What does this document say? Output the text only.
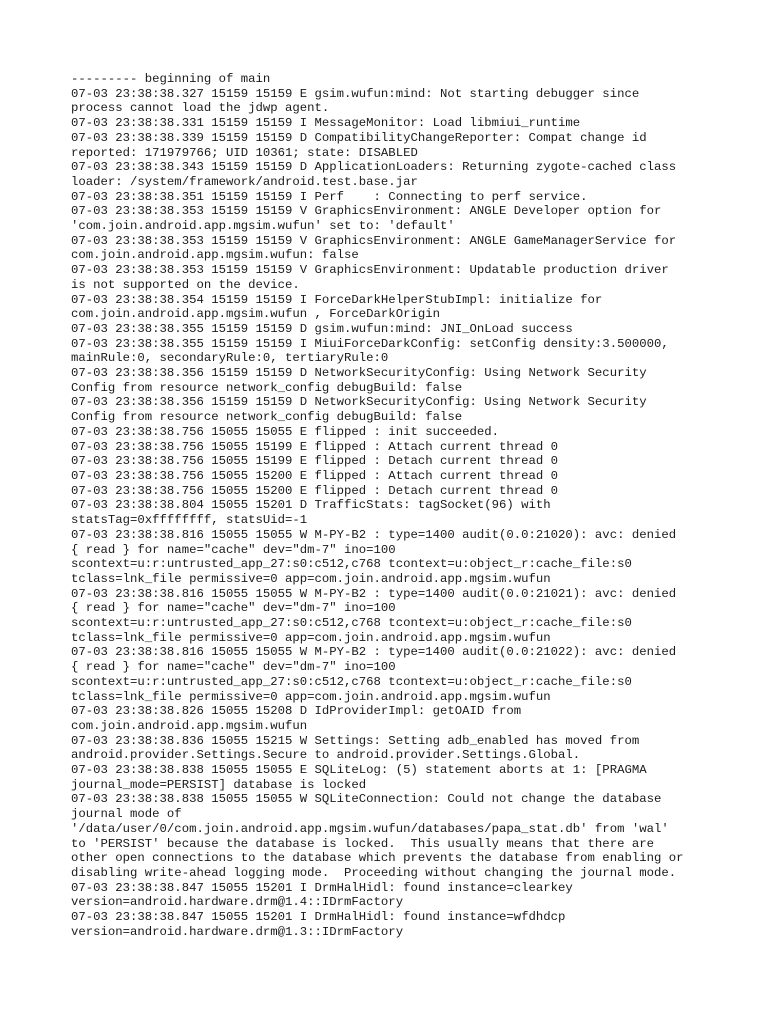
--------- beginning of main
07-03 23:38:38.327 15159 15159 E gsim.wufun:mind: Not starting debugger since
process cannot load the jdwp agent.
07-03 23:38:38.331 15159 15159 I MessageMonitor: Load libmiui_runtime
07-03 23:38:38.339 15159 15159 D CompatibilityChangeReporter: Compat change id
reported: 171979766; UID 10361; state: DISABLED
07-03 23:38:38.343 15159 15159 D ApplicationLoaders: Returning zygote-cached class
loader: /system/framework/android.test.base.jar
07-03 23:38:38.351 15159 15159 I Perf    : Connecting to perf service.
07-03 23:38:38.353 15159 15159 V GraphicsEnvironment: ANGLE Developer option for
'com.join.android.app.mgsim.wufun' set to: 'default'
07-03 23:38:38.353 15159 15159 V GraphicsEnvironment: ANGLE GameManagerService for
com.join.android.app.mgsim.wufun: false
07-03 23:38:38.353 15159 15159 V GraphicsEnvironment: Updatable production driver
is not supported on the device.
07-03 23:38:38.354 15159 15159 I ForceDarkHelperStubImpl: initialize for
com.join.android.app.mgsim.wufun , ForceDarkOrigin
07-03 23:38:38.355 15159 15159 D gsim.wufun:mind: JNI_OnLoad success
07-03 23:38:38.355 15159 15159 I MiuiForceDarkConfig: setConfig density:3.500000,
mainRule:0, secondaryRule:0, tertiaryRule:0
07-03 23:38:38.356 15159 15159 D NetworkSecurityConfig: Using Network Security
Config from resource network_config debugBuild: false
07-03 23:38:38.356 15159 15159 D NetworkSecurityConfig: Using Network Security
Config from resource network_config debugBuild: false
07-03 23:38:38.756 15055 15055 E flipped : init succeeded.
07-03 23:38:38.756 15055 15199 E flipped : Attach current thread 0
07-03 23:38:38.756 15055 15199 E flipped : Detach current thread 0
07-03 23:38:38.756 15055 15200 E flipped : Attach current thread 0
07-03 23:38:38.756 15055 15200 E flipped : Detach current thread 0
07-03 23:38:38.804 15055 15201 D TrafficStats: tagSocket(96) with
statsTag=0xffffffff, statsUid=-1
07-03 23:38:38.816 15055 15055 W M-PY-B2 : type=1400 audit(0.0:21020): avc: denied
{ read } for name="cache" dev="dm-7" ino=100
scontext=u:r:untrusted_app_27:s0:c512,c768 tcontext=u:object_r:cache_file:s0
tclass=lnk_file permissive=0 app=com.join.android.app.mgsim.wufun
07-03 23:38:38.816 15055 15055 W M-PY-B2 : type=1400 audit(0.0:21021): avc: denied
{ read } for name="cache" dev="dm-7" ino=100
scontext=u:r:untrusted_app_27:s0:c512,c768 tcontext=u:object_r:cache_file:s0
tclass=lnk_file permissive=0 app=com.join.android.app.mgsim.wufun
07-03 23:38:38.816 15055 15055 W M-PY-B2 : type=1400 audit(0.0:21022): avc: denied
{ read } for name="cache" dev="dm-7" ino=100
scontext=u:r:untrusted_app_27:s0:c512,c768 tcontext=u:object_r:cache_file:s0
tclass=lnk_file permissive=0 app=com.join.android.app.mgsim.wufun
07-03 23:38:38.826 15055 15208 D IdProviderImpl: getOAID from
com.join.android.app.mgsim.wufun
07-03 23:38:38.836 15055 15215 W Settings: Setting adb_enabled has moved from
android.provider.Settings.Secure to android.provider.Settings.Global.
07-03 23:38:38.838 15055 15055 E SQLiteLog: (5) statement aborts at 1: [PRAGMA
journal_mode=PERSIST] database is locked
07-03 23:38:38.838 15055 15055 W SQLiteConnection: Could not change the database
journal mode of
'/data/user/0/com.join.android.app.mgsim.wufun/databases/papa_stat.db' from 'wal'
to 'PERSIST' because the database is locked.  This usually means that there are
other open connections to the database which prevents the database from enabling or
disabling write-ahead logging mode.  Proceeding without changing the journal mode.
07-03 23:38:38.847 15055 15201 I DrmHalHidl: found instance=clearkey
version=android.hardware.drm@1.4::IDrmFactory
07-03 23:38:38.847 15055 15201 I DrmHalHidl: found instance=wfdhdcp
version=android.hardware.drm@1.3::IDrmFactory
